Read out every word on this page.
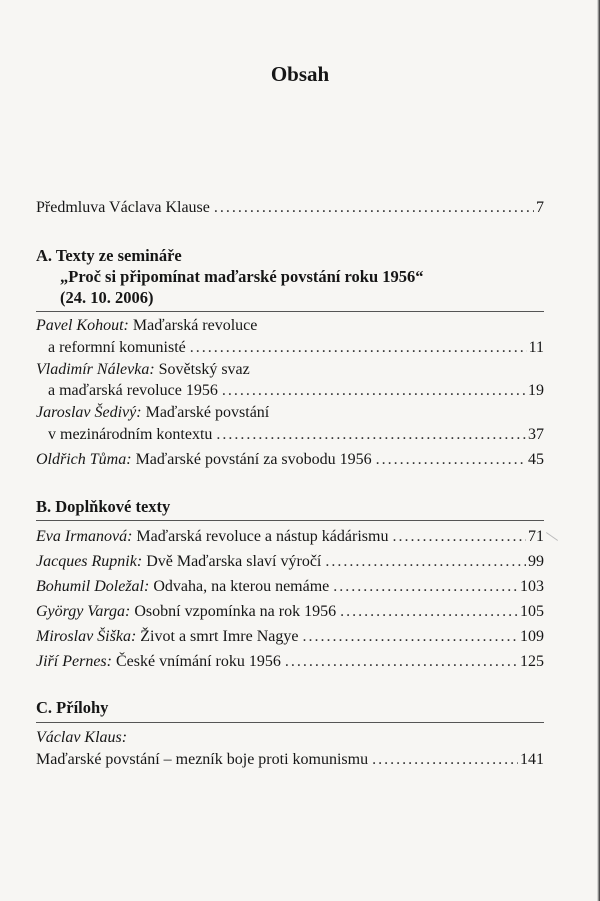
Obsah
Předmluva Václava Klause .....	7
A. Texty ze semináře
„Proč si připomínat maďarské povstání roku 1956“
(24. 10. 2006)
Pavel Kohout: Maďarská revoluce
a reformní komunisté .....	11
Vladimír Nálevka: Sovětský svaz
a maďarská revoluce 1956 .....	19
Jaroslav Šedivý: Maďarské povstání
v mezinárodním kontextu .....	37
Oldřich Tůma: Maďarské povstání za svobodu 1956 .....	45
B. Doplňkové texty
Eva Irmanová: Maďarská revoluce a nástup kádárismu .....	71
Jacques Rupnik: Dvě Maďarska slaví výročí .....	99
Bohumil Doležal: Odvaha, na kterou nemáme .....	103
György Varga: Osobní vzpomínka na rok 1956 .....	105
Miroslav Šiška: Život a smrt Imre Nagye .....	109
Jiří Pernes: České vnímání roku 1956 .....	125
C. Přílohy
Václav Klaus:
Maďarské povstání – mezník boje proti komunismu .....	141
